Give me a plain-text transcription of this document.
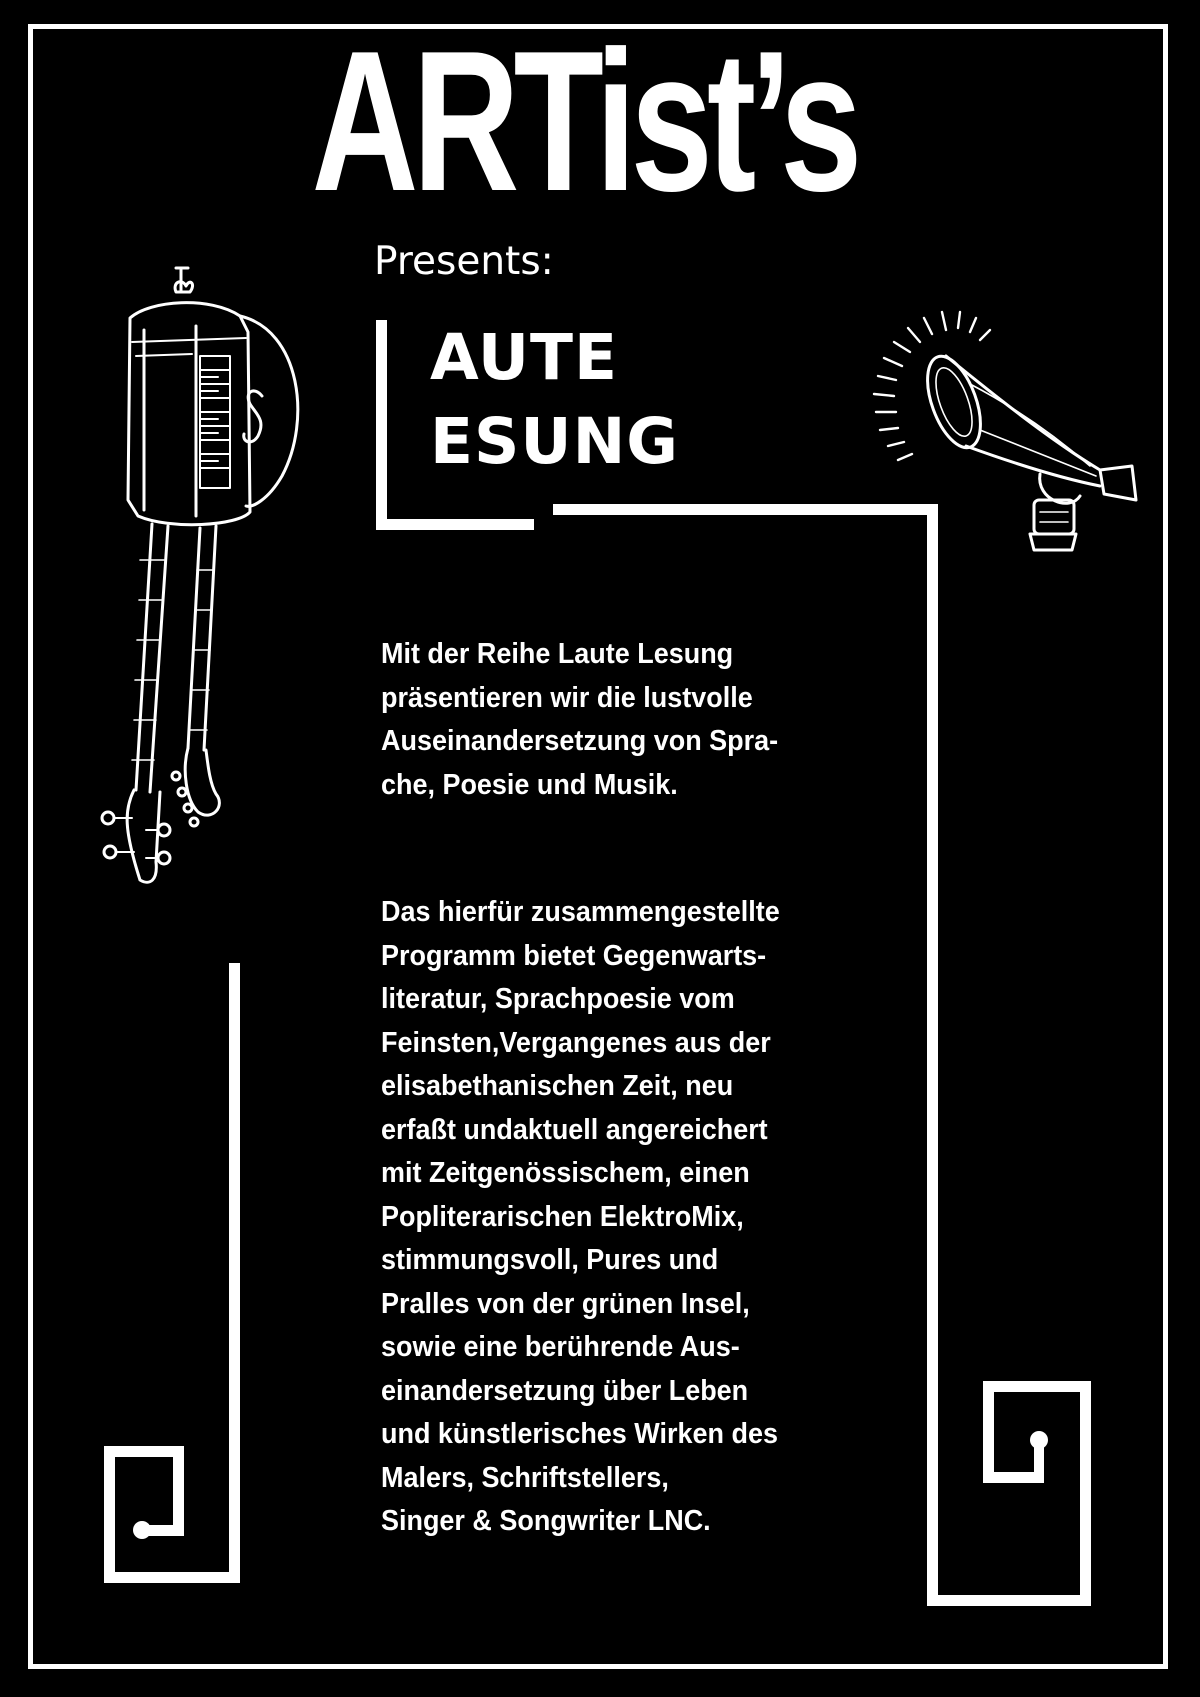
ARTist’s
Presents:
AUTE
ESUNG
Mit der Reihe Laute Lesung
präsentieren wir die lustvolle
Auseinandersetzung von Spra-
che, Poesie und Musik.
Das hierfür zusammengestellte
Programm bietet Gegenwarts-
literatur, Sprachpoesie vom
Feinsten,Vergangenes aus der
elisabethanischen Zeit, neu
erfaßt undaktuell angereichert
mit Zeitgenössischem, einen
Popliterarischen ElektroMix,
stimmungsvoll, Pures und
Pralles von der grünen Insel,
sowie eine berührende Aus-
einandersetzung über Leben
und künstlerisches Wirken des
Malers, Schriftstellers,
Singer & Songwriter LNC.
